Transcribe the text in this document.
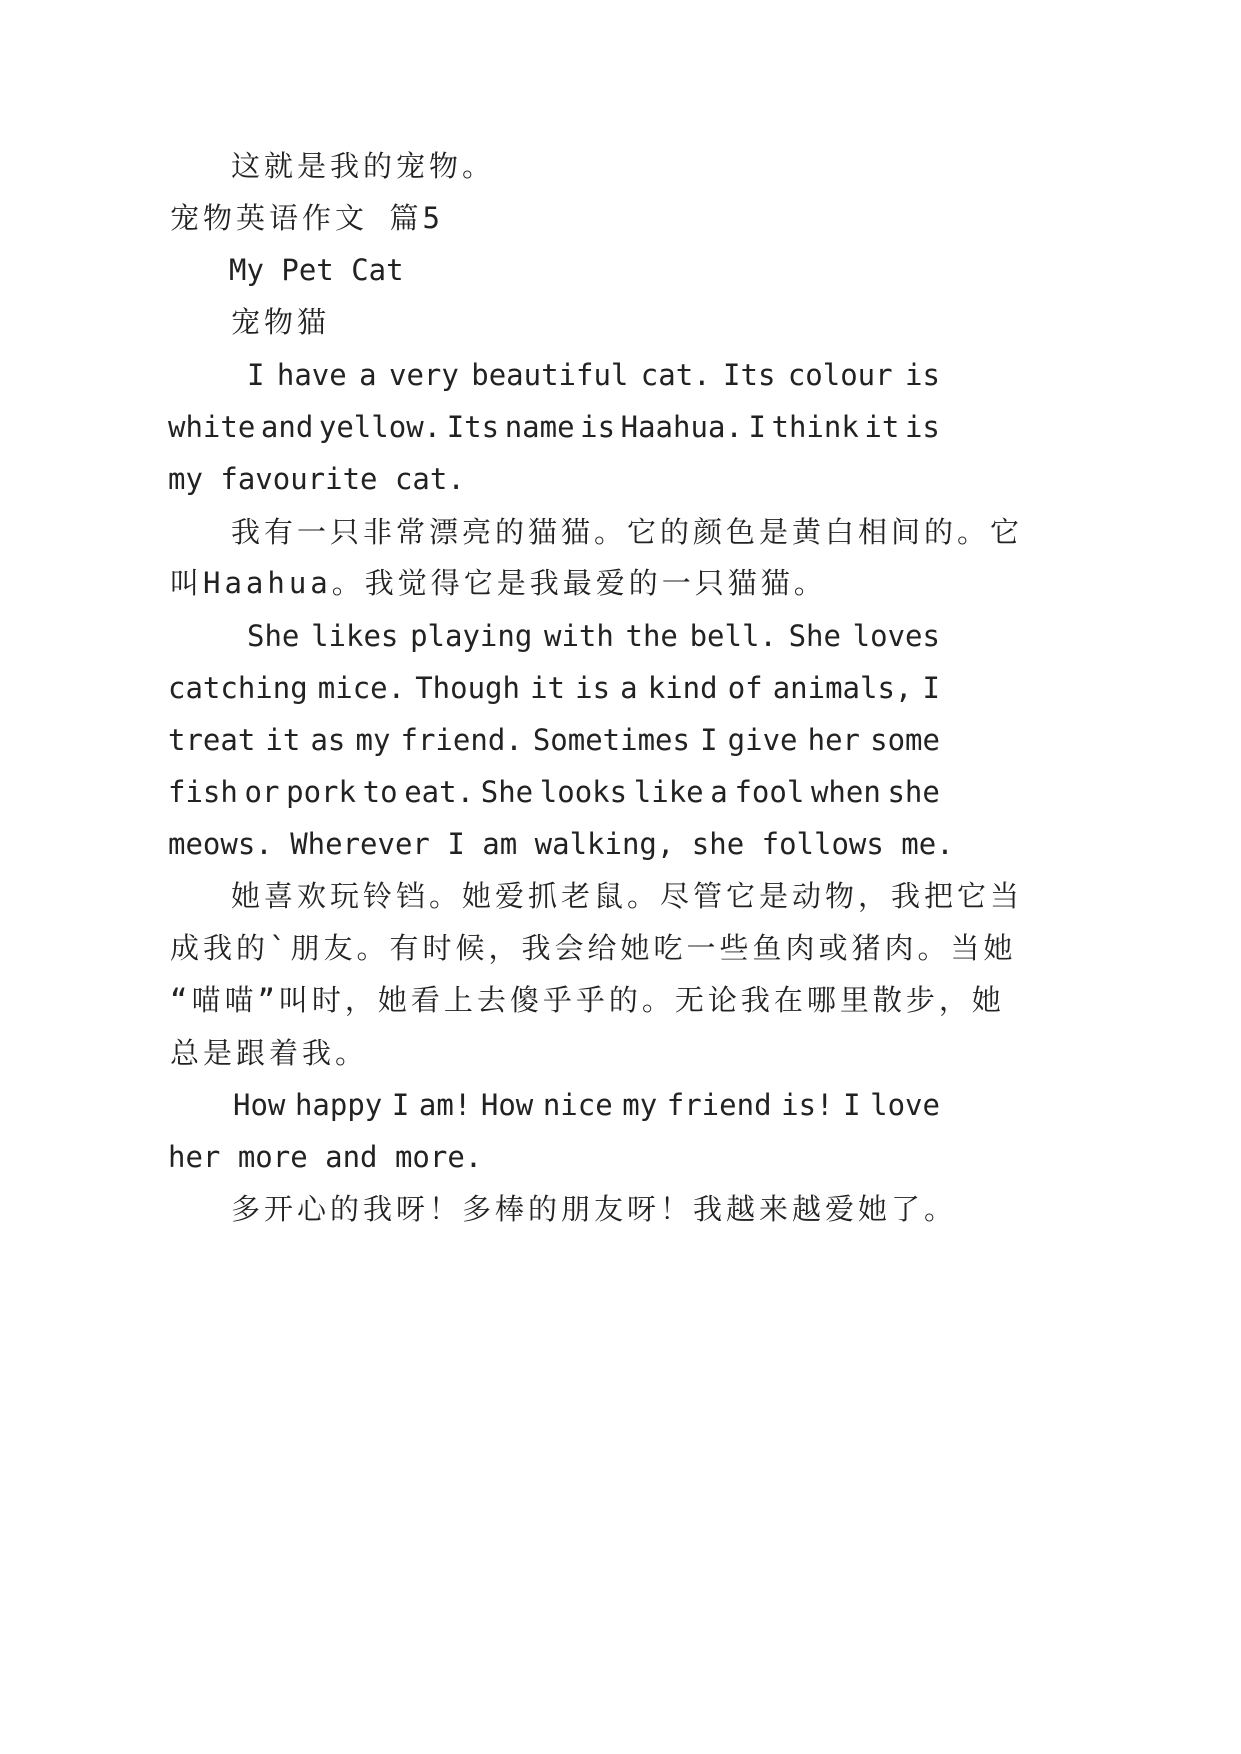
这就是我的宠物。
宠物英语作文 篇5
My Pet Cat
宠物猫
I have a very beautiful cat. Its colour is
white and yellow. Its name is Haahua. I think it is
my favourite cat.
我有一只非常漂亮的猫猫。它的颜色是黄白相间的。它
叫Haahua。我觉得它是我最爱的一只猫猫。
She likes playing with the bell. She loves
catching mice. Though it is a kind of animals, I
treat it as my friend. Sometimes I give her some
fish or pork to eat. She looks like a fool when she
meows. Wherever I am walking, she follows me.
她喜欢玩铃铛。她爱抓老鼠。尽管它是动物，我把它当
成我的`朋友。有时候，我会给她吃一些鱼肉或猪肉。当她
“喵喵”叫时，她看上去傻乎乎的。无论我在哪里散步，她
总是跟着我。
How happy I am! How nice my friend is! I love
her more and more.
多开心的我呀！多棒的朋友呀！我越来越爱她了。
